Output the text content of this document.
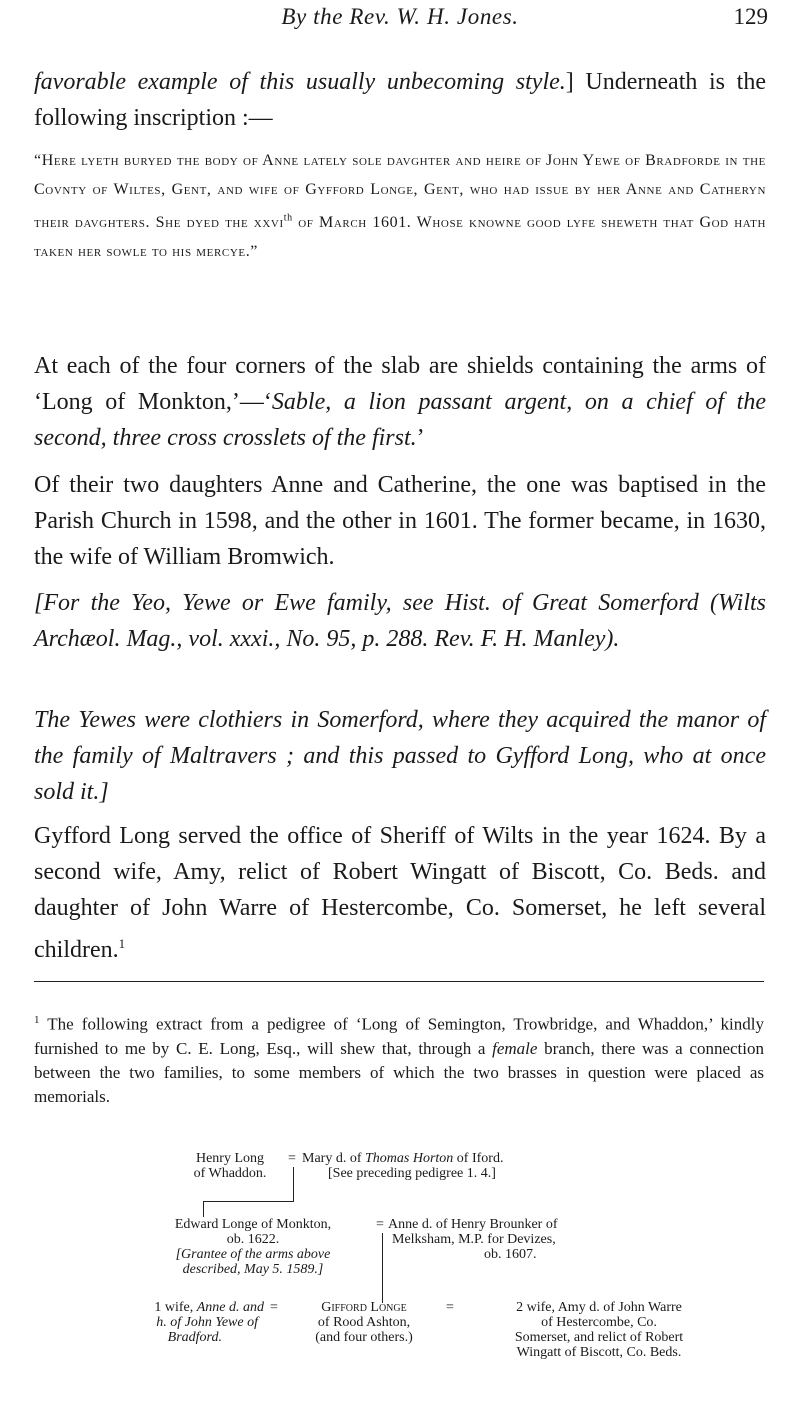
By the Rev. W. H. Jones.	129
favorable example of this usually unbecoming style.] Underneath is the following inscription :—
“Here lyeth buryed the body of Anne lately sole davghter and heire of John Yewe of Bradforde in the Covnty of Wiltes, Gent, and wife of Gyfford Longe, Gent, who had issue by her Anne and Catheryn their davghters. She dyed the xxvi$^{th}$ of March 1601. Whose knowne good lyfe sheweth that God hath taken her sowle to his mercye.”
At each of the four corners of the slab are shields containing the arms of ‘Long of Monkton,’—‘Sable, a lion passant argent, on a chief of the second, three cross crosslets of the first.’
Of their two daughters Anne and Catherine, the one was baptised in the Parish Church in 1598, and the other in 1601. The former became, in 1630, the wife of William Bromwich.
[For the Yeo, Yewe or Ewe family, see Hist. of Great Somerford (Wilts Archæol. Mag., vol. xxxi., No. 95, p. 288. Rev. F. H. Manley).
The Yewes were clothiers in Somerford, where they acquired the manor of the family of Maltravers ; and this passed to Gyfford Long, who at once sold it.]
Gyfford Long served the office of Sheriff of Wilts in the year 1624. By a second wife, Amy, relict of Robert Wingatt of Biscott, Co. Beds. and daughter of John Warre of Hestercombe, Co. Somerset, he left several children.$^1$
$^1$ The following extract from a pedigree of ‘Long of Semington, Trowbridge, and Whaddon,’ kindly furnished to me by C. E. Long, Esq., will shew that, through a female branch, there was a connection between the two families, to some members of which the two brasses in question were placed as memorials.
Henry Long
of Whaddon.
= Mary d. of Thomas Horton of Iford.
[See preceding pedigree 1. 4.]
Edward Longe of Monkton,
ob. 1622.
[Grantee of the arms above
described, May 5. 1589.]
= Anne d. of Henry Brounker of
Melksham, M.P. for Devizes,
ob. 1607.
1 wife, Anne d. and
h. of John Yewe of
Bradford.
=	Gifford Longe
of Rood Ashton,
(and four others.)
=	2 wife, Amy d. of John Warre
of Hestercombe, Co.
Somerset, and relict of Robert
Wingatt of Biscott, Co. Beds.
